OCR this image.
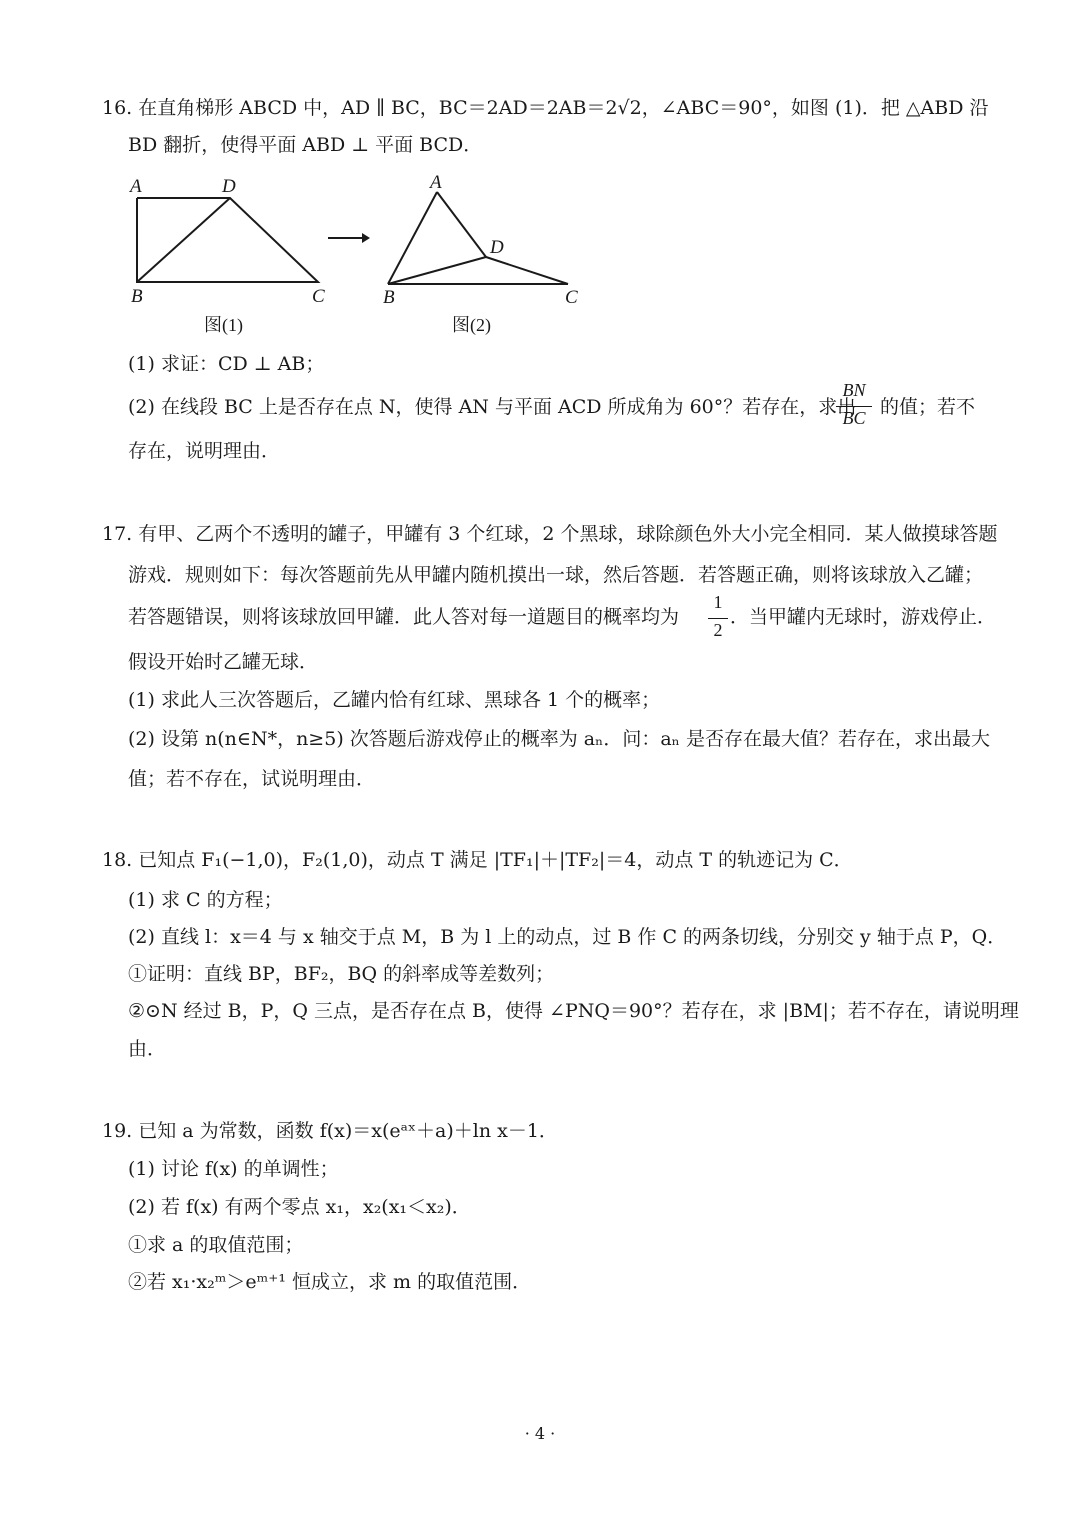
16. 在直角梯形 ABCD 中，AD ∥ BC，BC＝2AD＝2AB＝2√2，∠ABC＝90°，如图 (1)．把 △ABD 沿
BD 翻折，使得平面 ABD ⊥ 平面 BCD．
A	D
B	C
图(1)
A
D
B	C
图(2)
(1) 求证：CD ⊥ AB；
(2) 在线段 BC 上是否存在点 N，使得 AN 与平面 ACD 所成角为 60°？若存在，求出
BN
BC 的值；若不
存在，说明理由．
17. 有甲、乙两个不透明的罐子，甲罐有 3 个红球，2 个黑球，球除颜色外大小完全相同．某人做摸球答题
游戏．规则如下：每次答题前先从甲罐内随机摸出一球，然后答题．若答题正确，则将该球放入乙罐；
若答题错误，则将该球放回甲罐．此人答对每一道题目的概率均为
1
2
．当甲罐内无球时，游戏停止．
假设开始时乙罐无球．
(1) 求此人三次答题后，乙罐内恰有红球、黑球各 1 个的概率；
(2) 设第 n(n∈N*，n≥5) 次答题后游戏停止的概率为 aₙ．问：aₙ 是否存在最大值？若存在，求出最大
值；若不存在，试说明理由．
18. 已知点 F₁(−1,0)，F₂(1,0)，动点 T 满足 |TF₁|＋|TF₂|＝4，动点 T 的轨迹记为 C．
(1) 求 C 的方程；
(2) 直线 l：x＝4 与 x 轴交于点 M，B 为 l 上的动点，过 B 作 C 的两条切线，分别交 y 轴于点 P，Q．
①证明：直线 BP，BF₂，BQ 的斜率成等差数列；
②⊙N 经过 B，P，Q 三点，是否存在点 B，使得 ∠PNQ＝90°？若存在，求 |BM|；若不存在，请说明理
由．
19. 已知 a 为常数，函数 f(x)＝x(eᵃˣ＋a)＋ln x－1．
(1) 讨论 f(x) 的单调性；
(2) 若 f(x) 有两个零点 x₁，x₂(x₁＜x₂)．
①求 a 的取值范围；
②若 x₁·x₂ᵐ＞eᵐ⁺¹ 恒成立，求 m 的取值范围．
· 4 ·
